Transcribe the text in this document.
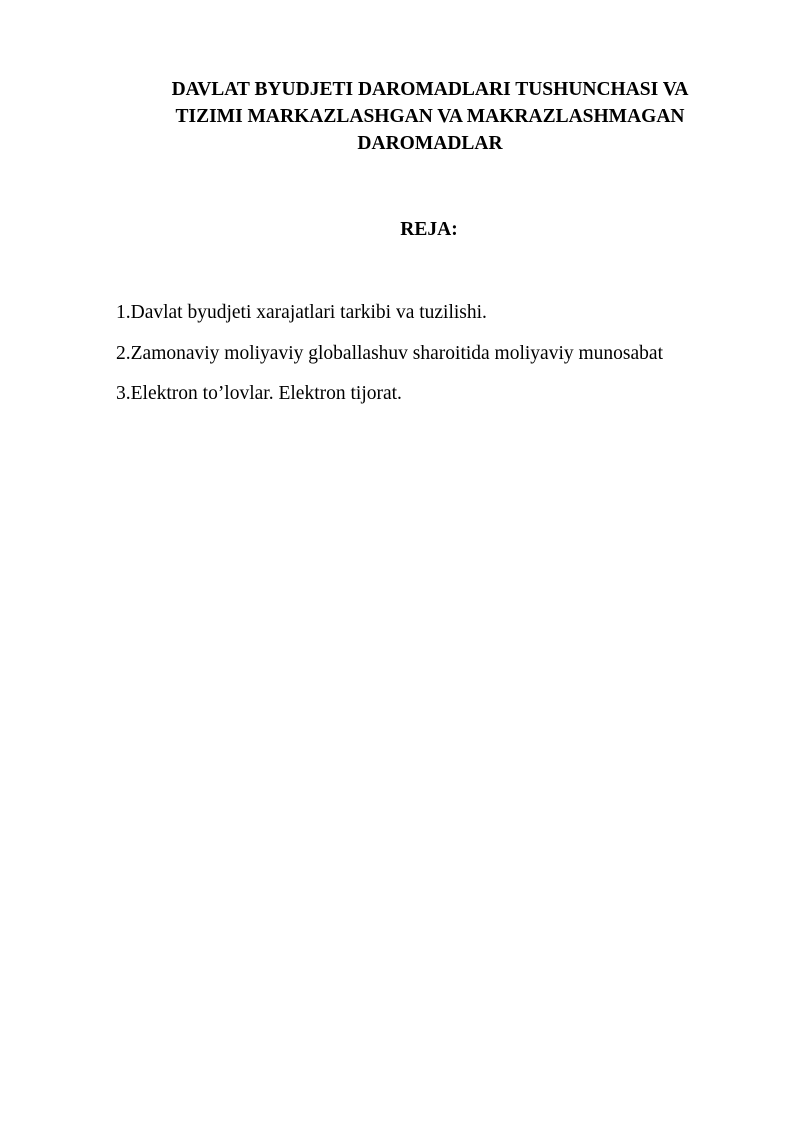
DAVLAT BYUDJETI DAROMADLARI TUSHUNCHASI VA
TIZIMI MARKAZLASHGAN VA MAKRAZLASHMAGAN
DAROMADLAR
REJA:
1.Davlat byudjeti xarajatlari tarkibi va tuzilishi.
2.Zamonaviy moliyaviy globallashuv sharoitida moliyaviy munosabat
3.Elektron to’lovlar. Elektron tijorat.
